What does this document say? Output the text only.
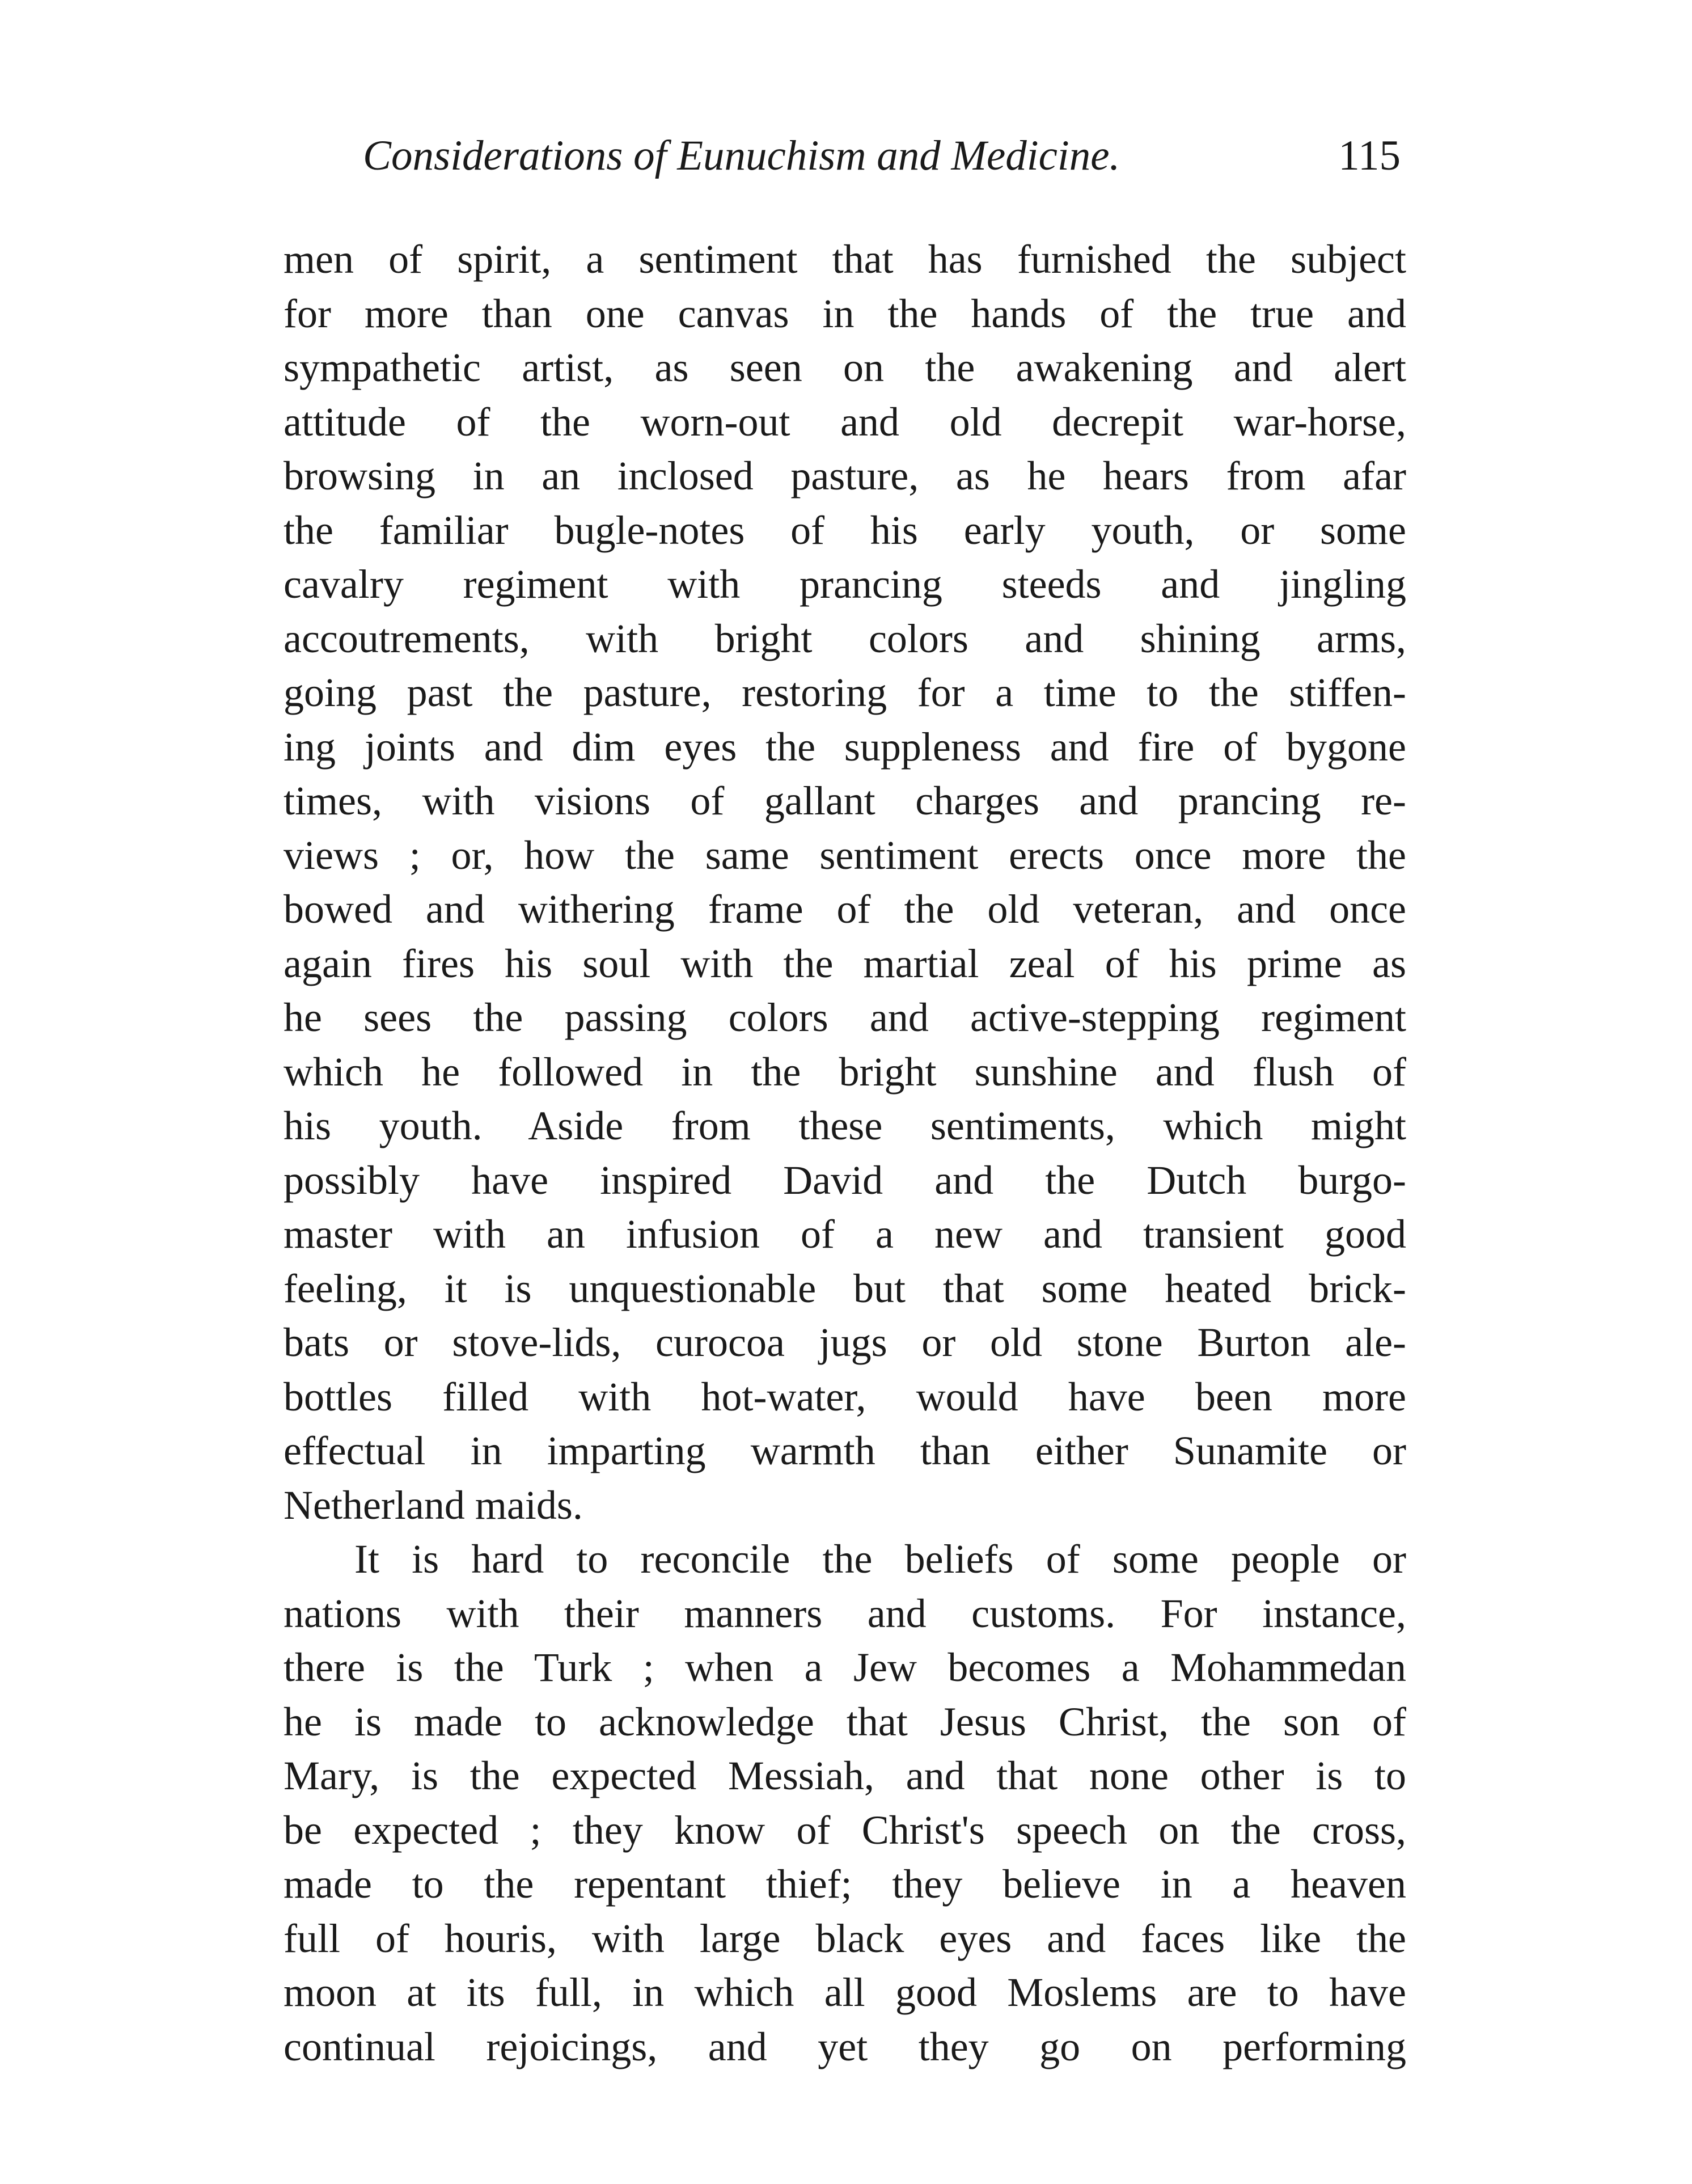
Considerations of Eunuchism and Medicine.	115
men of spirit, a sentiment that has furnished the subject
for more than one canvas in the hands of the true and
sympathetic artist, as seen on the awakening and alert
attitude of the worn-out and old decrepit war-horse,
browsing in an inclosed pasture, as he hears from afar
the familiar bugle-notes of his early youth, or some
cavalry regiment with prancing steeds and jingling
accoutrements, with bright colors and shining arms,
going past the pasture, restoring for a time to the stiffen-
ing joints and dim eyes the suppleness and fire of bygone
times, with visions of gallant charges and prancing re-
views ; or, how the same sentiment erects once more the
bowed and withering frame of the old veteran, and once
again fires his soul with the martial zeal of his prime as
he sees the passing colors and active-stepping regiment
which he followed in the bright sunshine and flush of
his youth. Aside from these sentiments, which might
possibly have inspired David and the Dutch burgo-
master with an infusion of a new and transient good
feeling, it is unquestionable but that some heated brick-
bats or stove-lids, curocoa jugs or old stone Burton ale-
bottles filled with hot-water, would have been more
effectual in imparting warmth than either Sunamite or
Netherland maids.
It is hard to reconcile the beliefs of some people or
nations with their manners and customs. For instance,
there is the Turk ; when a Jew becomes a Mohammedan
he is made to acknowledge that Jesus Christ, the son of
Mary, is the expected Messiah, and that none other is to
be expected ; they know of Christ's speech on the cross,
made to the repentant thief; they believe in a heaven
full of houris, with large black eyes and faces like the
moon at its full, in which all good Moslems are to have
continual rejoicings, and yet they go on performing
